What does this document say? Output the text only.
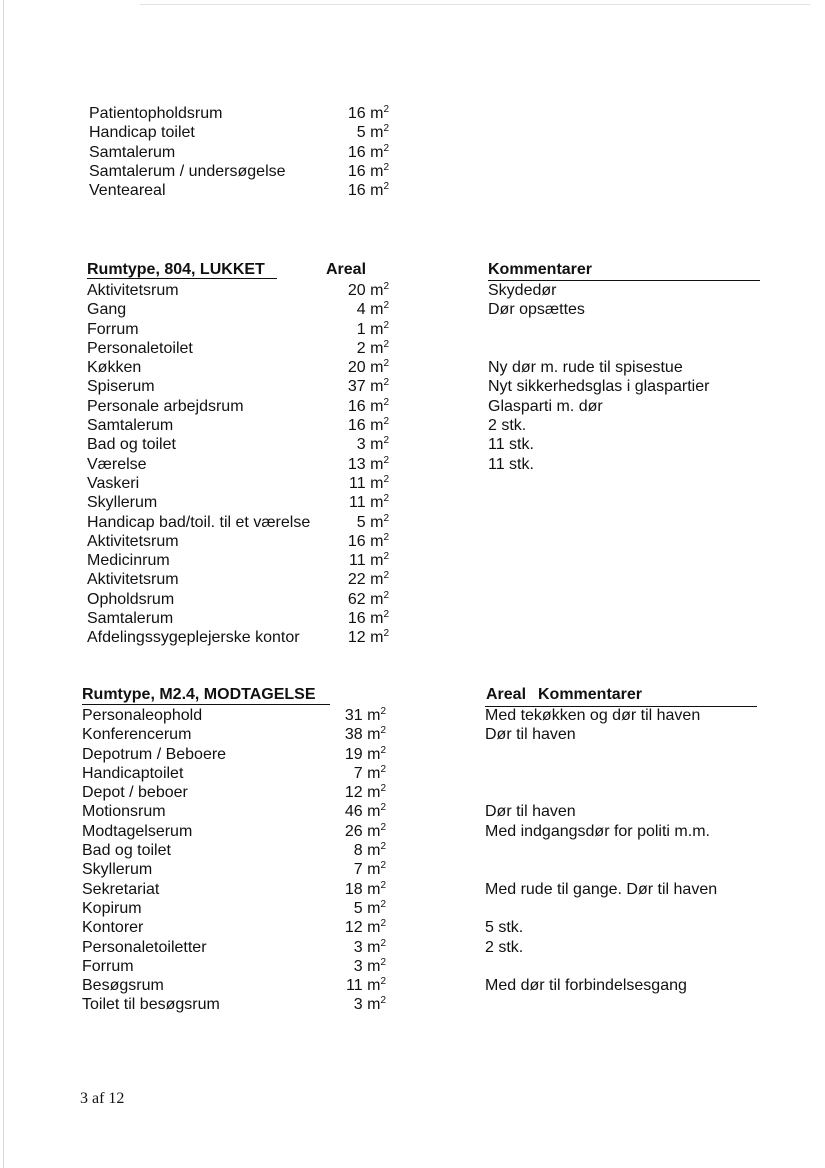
Patientopholdsrum	16 $m^2$
Handicap toilet	5 $m^2$
Samtalerum	16 $m^2$
Samtalerum / undersøgelse	16 $m^2$
Venteareal	16 $m^2$
Rumtype, 804, LUKKET	Areal	Kommentarer
Aktivitetsrum	20 $m^2$	Skydedør
Gang	4 $m^2$	Dør opsættes
Forrum	1 $m^2$
Personaletoilet	2 $m^2$
Køkken	20 $m^2$	Ny dør m. rude til spisestue
Spiserum	37 $m^2$	Nyt sikkerhedsglas i glaspartier
Personale arbejdsrum	16 $m^2$	Glasparti m. dør
Samtalerum	16 $m^2$	2 stk.
Bad og toilet	3 $m^2$	11 stk.
Værelse	13 $m^2$	11 stk.
Vaskeri	11 $m^2$
Skyllerum	11 $m^2$
Handicap bad/toil. til et værelse	5 $m^2$
Aktivitetsrum	16 $m^2$
Medicinrum	11 $m^2$
Aktivitetsrum	22 $m^2$
Opholdsrum	62 $m^2$
Samtalerum	16 $m^2$
Afdelingssygeplejerske kontor	12 $m^2$
Rumtype, M2.4, MODTAGELSE	Areal Kommentarer
Personaleophold	31 $m^2$	Med tekøkken og dør til haven
Konferencerum	38 $m^2$	Dør til haven
Depotrum / Beboere	19 $m^2$
Handicaptoilet	7 $m^2$
Depot / beboer	12 $m^2$
Motionsrum	46 $m^2$	Dør til haven
Modtagelserum	26 $m^2$	Med indgangsdør for politi m.m.
Bad og toilet	8 $m^2$
Skyllerum	7 $m^2$
Sekretariat	18 $m^2$	Med rude til gange. Dør til haven
Kopirum	5 $m^2$
Kontorer	12 $m^2$	5 stk.
Personaletoiletter	3 $m^2$	2 stk.
Forrum	3 $m^2$
Besøgsrum	11 $m^2$	Med dør til forbindelsesgang
Toilet til besøgsrum	3 $m^2$
3 af 12
